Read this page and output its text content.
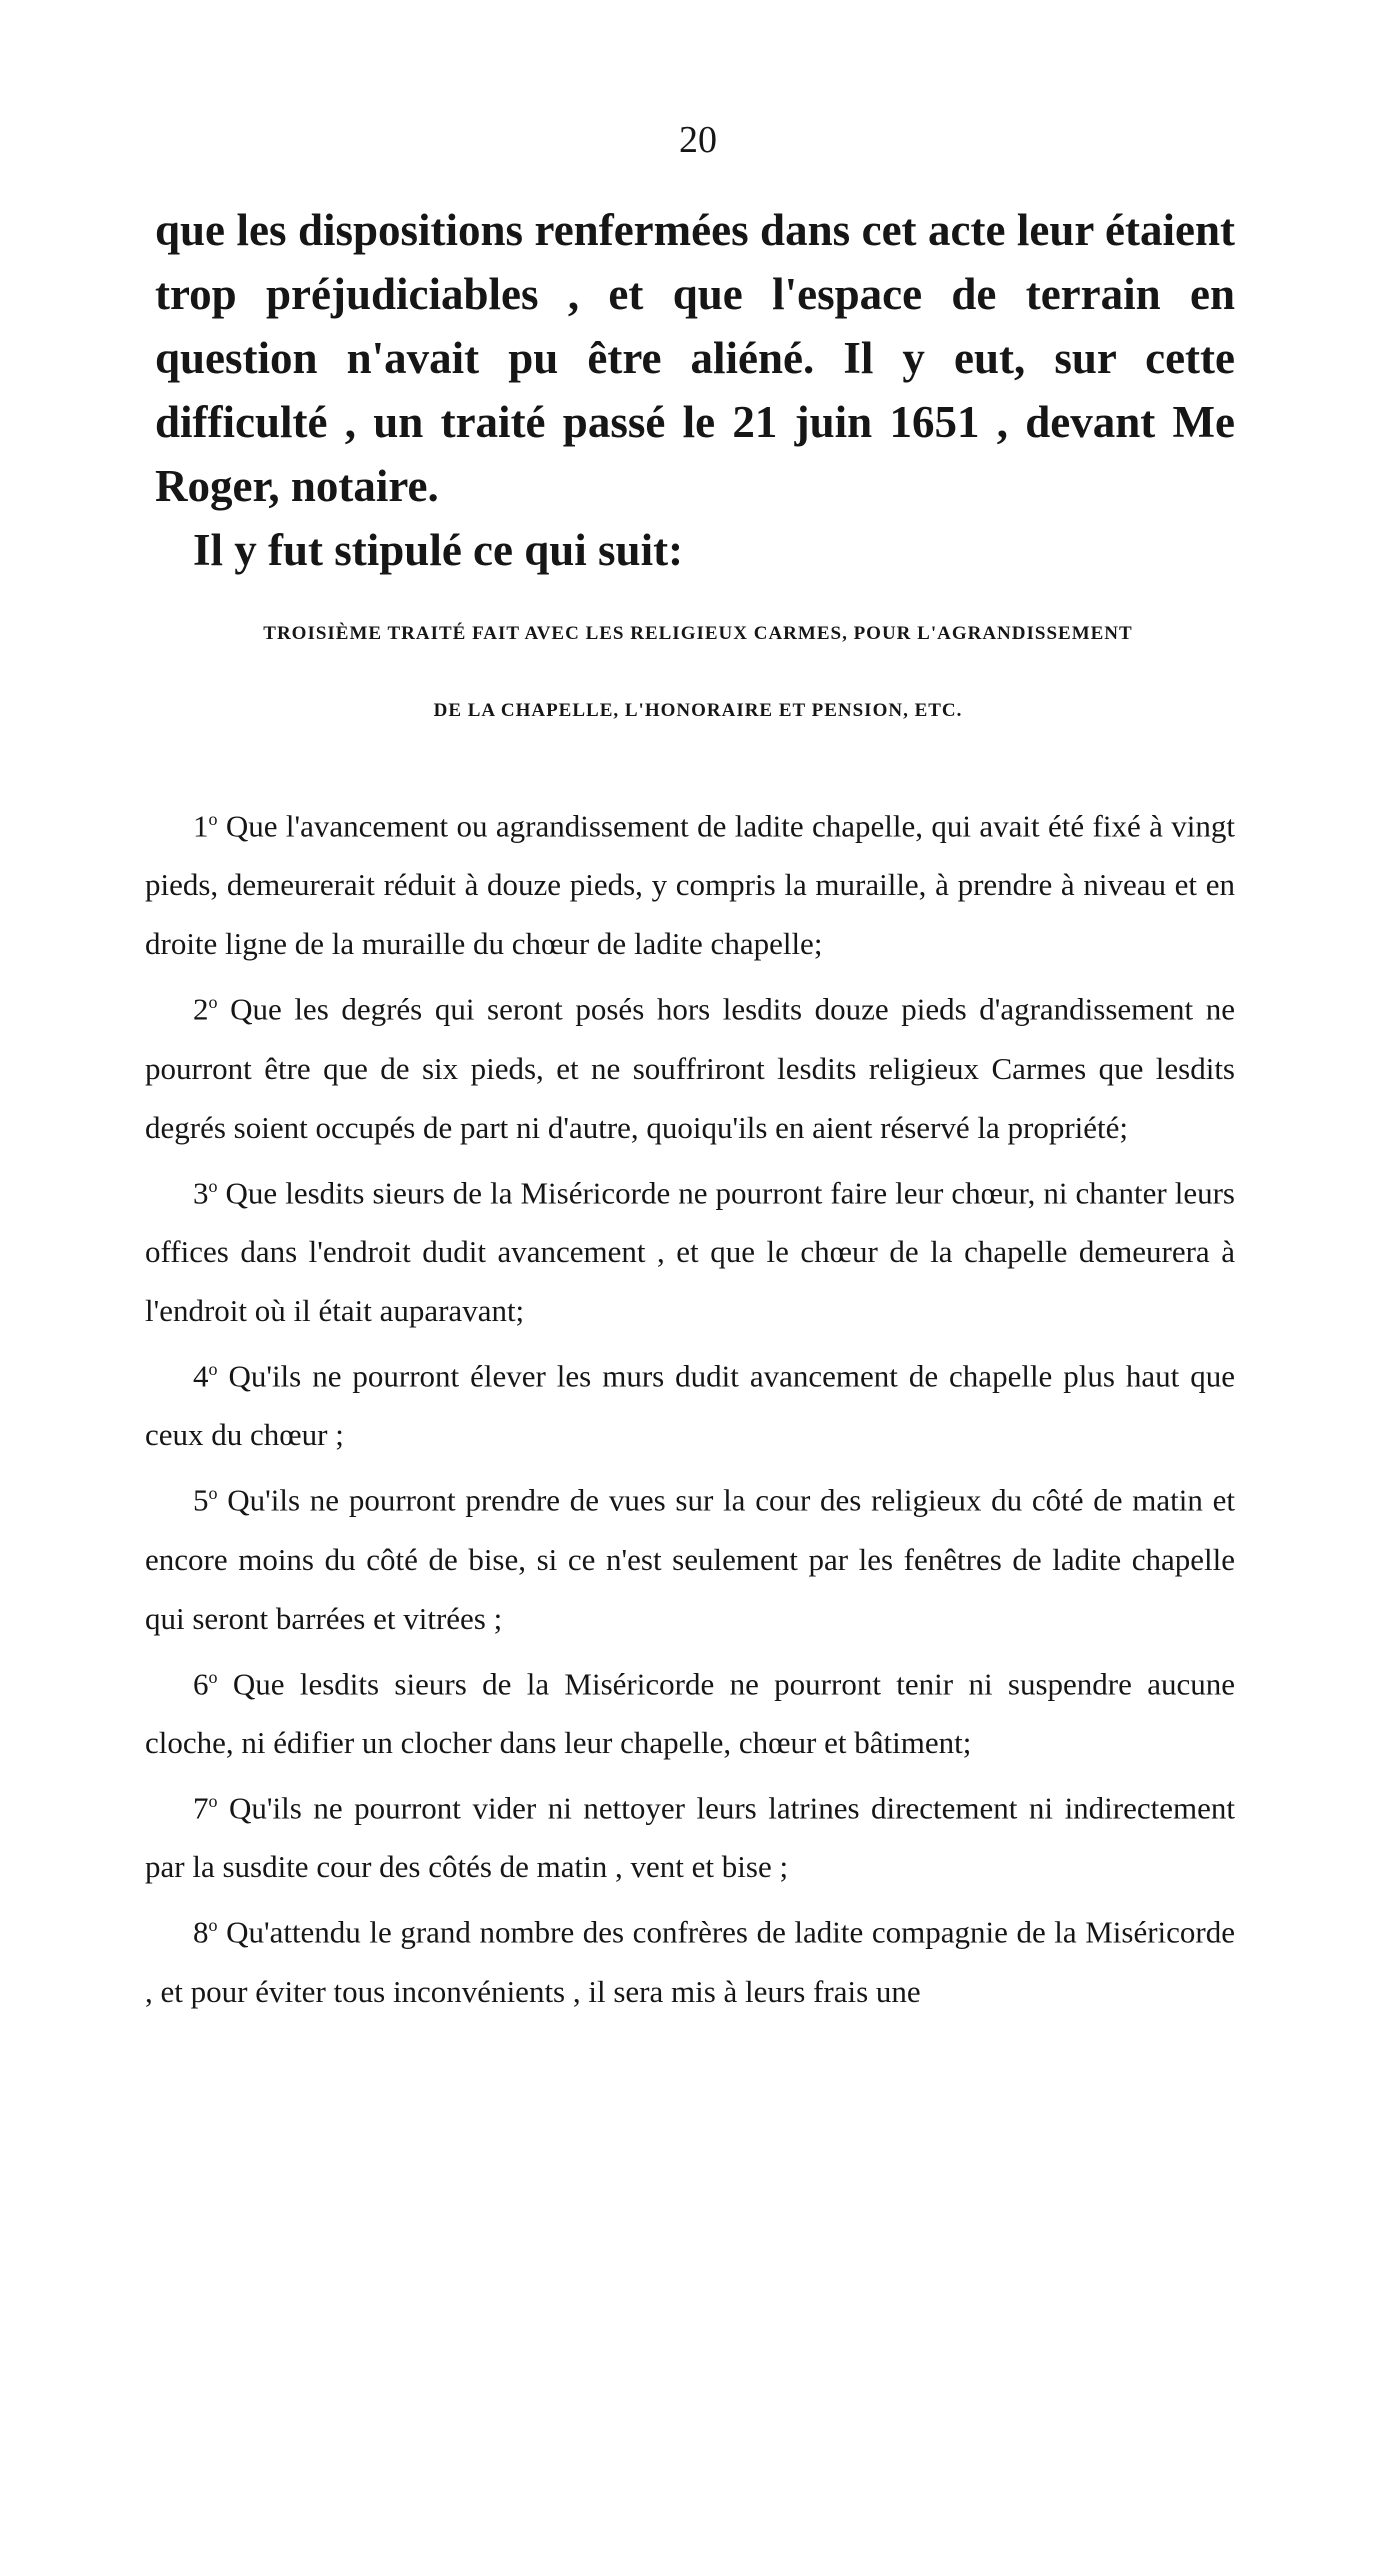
20

que les dispositions renfermées dans cet acte leur étaient trop préjudiciables , et que l'espace de terrain en question n'avait pu être aliéné. Il y eut, sur cette difficulté , un traité passé le 21 juin 1651 , devant Me Roger, notaire.

Il y fut stipulé ce qui suit:

TROISIÈME TRAITÉ FAIT AVEC LES RELIGIEUX CARMES, POUR L'AGRANDISSEMENT
DE LA CHAPELLE, L'HONORAIRE ET PENSION, ETC.

1$^o$ Que l'avancement ou agrandissement de ladite chapelle, qui avait été fixé à vingt pieds, demeurerait réduit à douze pieds, y compris la muraille, à prendre à niveau et en droite ligne de la muraille du chœur de ladite chapelle;

2$^o$ Que les degrés qui seront posés hors lesdits douze pieds d'agrandissement ne pourront être que de six pieds, et ne souffriront lesdits religieux Carmes que lesdits degrés soient occupés de part ni d'autre, quoiqu'ils en aient réservé la propriété;

3$^o$ Que lesdits sieurs de la Miséricorde ne pourront faire leur chœur, ni chanter leurs offices dans l'endroit dudit avancement , et que le chœur de la chapelle demeurera à l'endroit où il était auparavant;

4$^o$ Qu'ils ne pourront élever les murs dudit avancement de chapelle plus haut que ceux du chœur ;

5$^o$ Qu'ils ne pourront prendre de vues sur la cour des religieux du côté de matin et encore moins du côté de bise, si ce n'est seulement par les fenêtres de ladite chapelle qui seront barrées et vitrées ;

6$^o$ Que lesdits sieurs de la Miséricorde ne pourront tenir ni suspendre aucune cloche, ni édifier un clocher dans leur chapelle, chœur et bâtiment;

7$^o$ Qu'ils ne pourront vider ni nettoyer leurs latrines directement ni indirectement par la susdite cour des côtés de matin , vent et bise ;

8$^o$ Qu'attendu le grand nombre des confrères de ladite compagnie de la Miséricorde , et pour éviter tous inconvénients , il sera mis à leurs frais une
